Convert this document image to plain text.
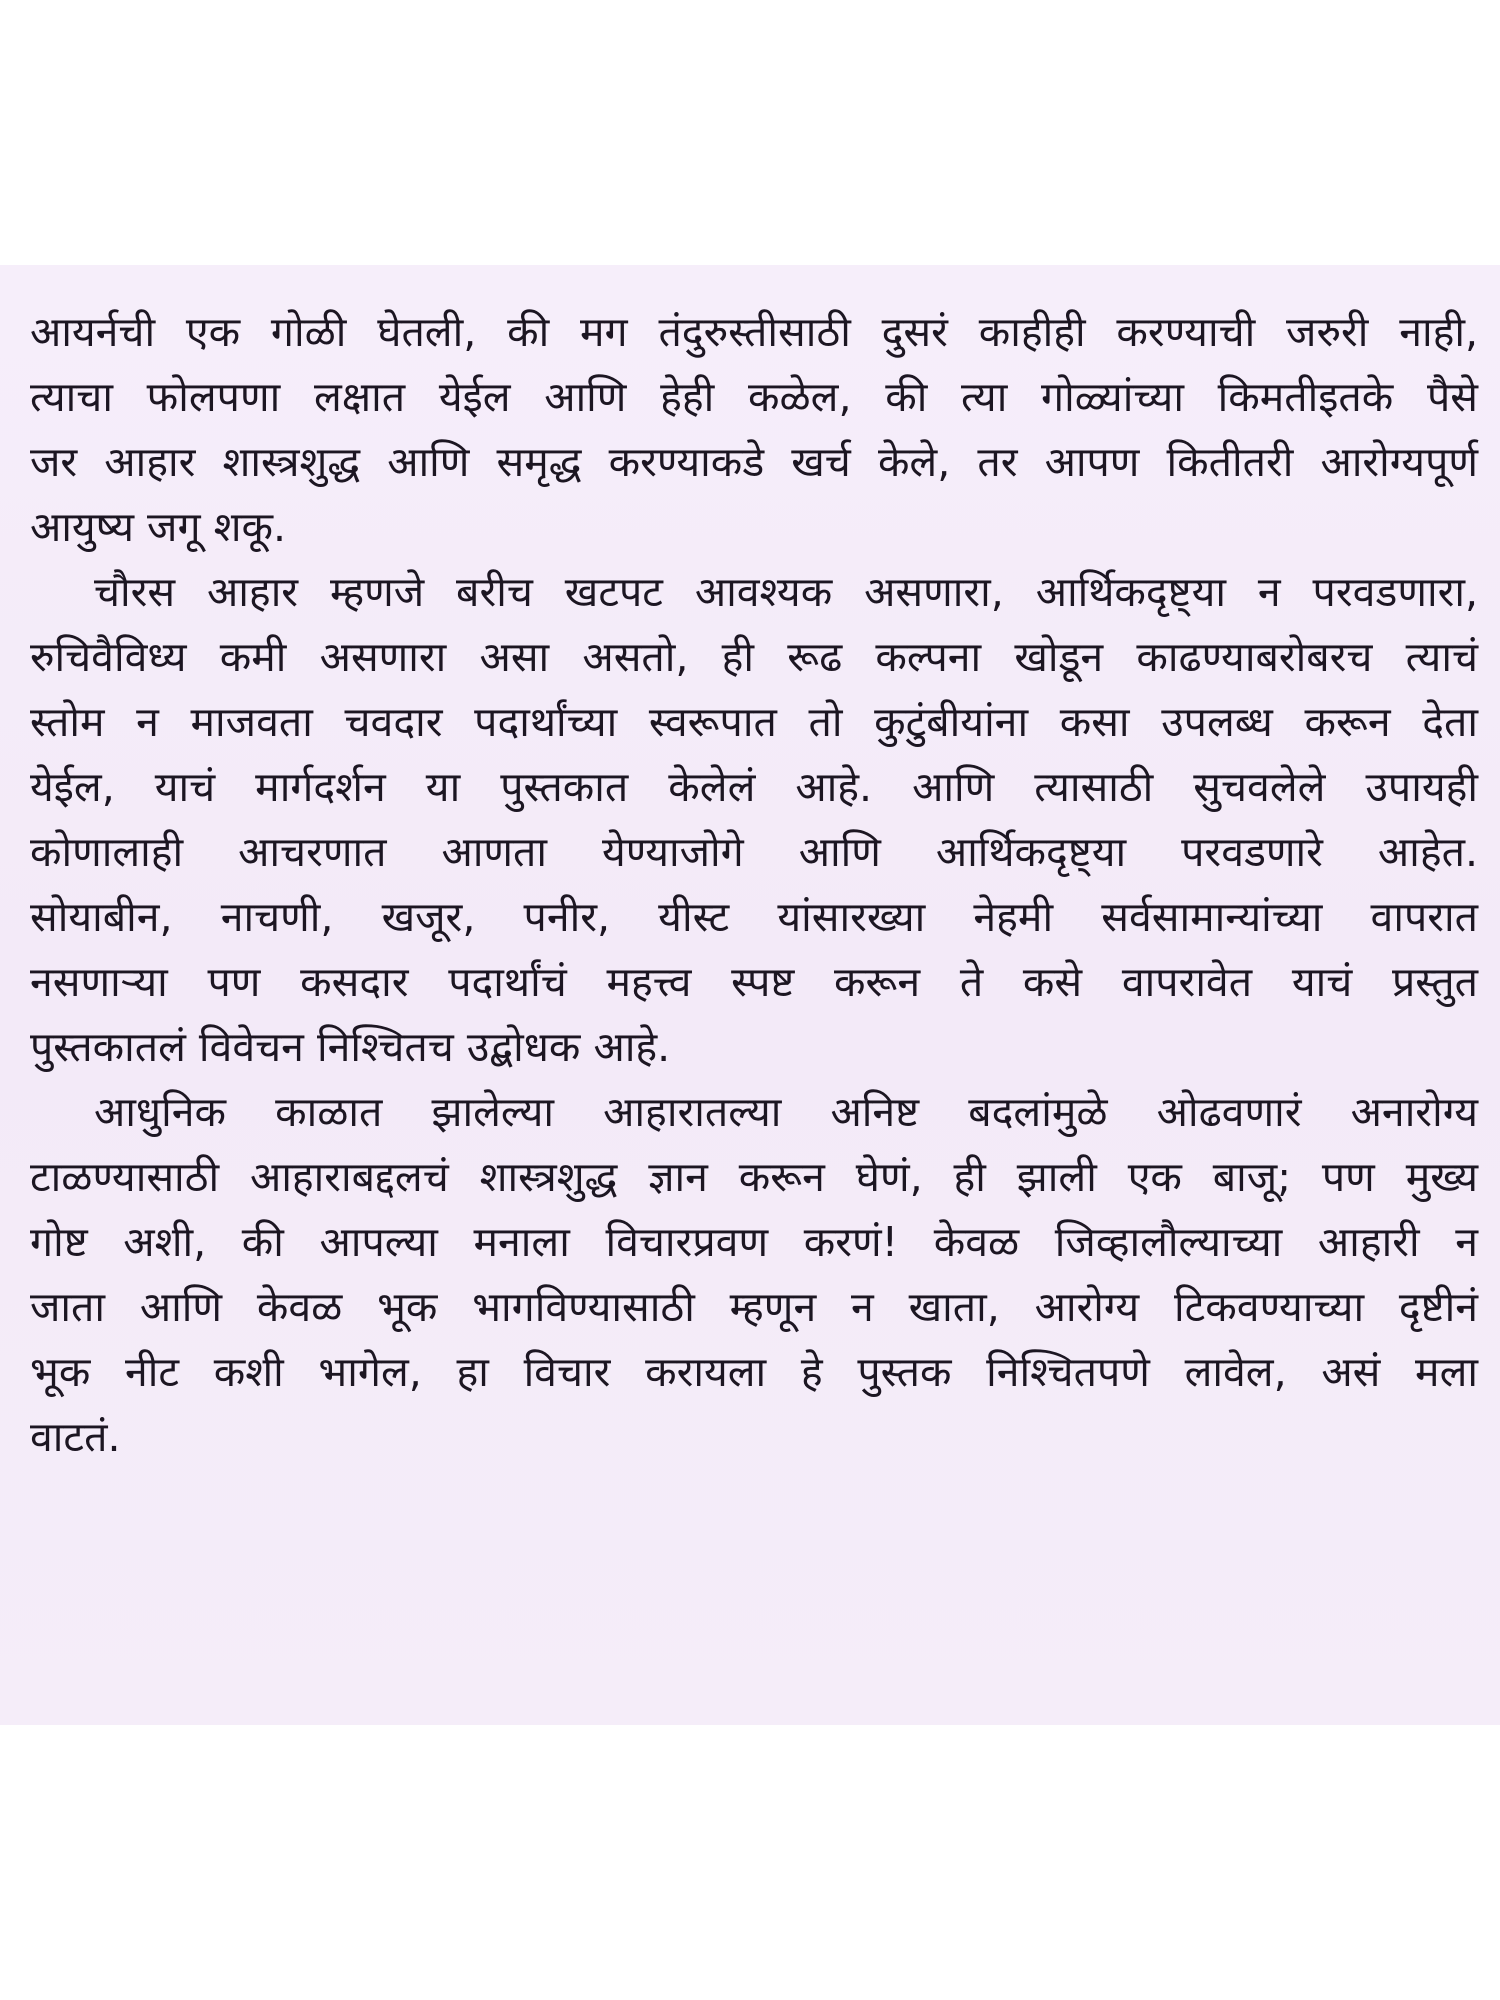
आयर्नची एक गोळी घेतली, की मग तंदुरुस्तीसाठी दुसरं काहीही करण्याची जरुरी नाही,
त्याचा फोलपणा लक्षात येईल आणि हेही कळेल, की त्या गोळ्यांच्या किमतीइतके पैसे
जर आहार शास्त्रशुद्ध आणि समृद्ध करण्याकडे खर्च केले, तर आपण कितीतरी आरोग्यपूर्ण
आयुष्य जगू शकू.
चौरस आहार म्हणजे बरीच खटपट आवश्यक असणारा, आर्थिकदृष्ट्या न परवडणारा,
रुचिवैविध्य कमी असणारा असा असतो, ही रूढ कल्पना खोडून काढण्याबरोबरच त्याचं
स्तोम न माजवता चवदार पदार्थांच्या स्वरूपात तो कुटुंबीयांना कसा उपलब्ध करून देता
येईल, याचं मार्गदर्शन या पुस्तकात केलेलं आहे. आणि त्यासाठी सुचवलेले उपायही
कोणालाही आचरणात आणता येण्याजोगे आणि आर्थिकदृष्ट्या परवडणारे आहेत.
सोयाबीन, नाचणी, खजूर, पनीर, यीस्ट यांसारख्या नेहमी सर्वसामान्यांच्या वापरात
नसणाऱ्या पण कसदार पदार्थांचं महत्त्व स्पष्ट करून ते कसे वापरावेत याचं प्रस्तुत
पुस्तकातलं विवेचन निश्चितच उद्बोधक आहे.
आधुनिक काळात झालेल्या आहारातल्या अनिष्ट बदलांमुळे ओढवणारं अनारोग्य
टाळण्यासाठी आहाराबद्दलचं शास्त्रशुद्ध ज्ञान करून घेणं, ही झाली एक बाजू; पण मुख्य
गोष्ट अशी, की आपल्या मनाला विचारप्रवण करणं! केवळ जिव्हालौल्याच्या आहारी न
जाता आणि केवळ भूक भागविण्यासाठी म्हणून न खाता, आरोग्य टिकवण्याच्या दृष्टीनं
भूक नीट कशी भागेल, हा विचार करायला हे पुस्तक निश्चितपणे लावेल, असं मला
वाटतं.
